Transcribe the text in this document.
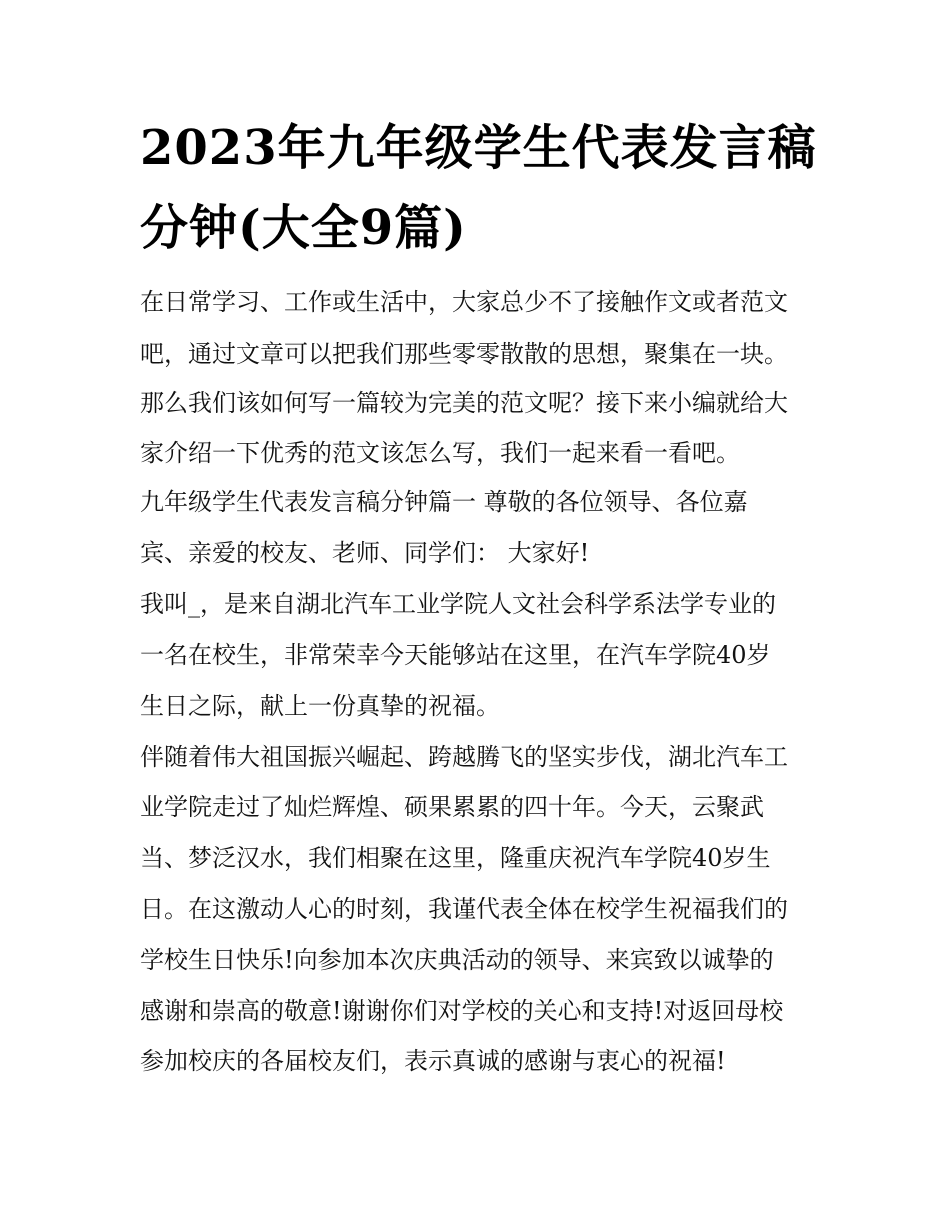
2023年九年级学生代表发言稿
分钟(大全9篇)

在日常学习、工作或生活中，大家总少不了接触作文或者范文

吧，通过文章可以把我们那些零零散散的思想，聚集在一块。

那么我们该如何写一篇较为完美的范文呢？接下来小编就给大

家介绍一下优秀的范文该怎么写，我们一起来看一看吧。

九年级学生代表发言稿分钟篇一 尊敬的各位领导、各位嘉

宾、亲爱的校友、老师、同学们： 大家好!

我叫_，是来自湖北汽车工业学院人文社会科学系法学专业的

一名在校生，非常荣幸今天能够站在这里，在汽车学院40岁

生日之际，献上一份真挚的祝福。

伴随着伟大祖国振兴崛起、跨越腾飞的坚实步伐，湖北汽车工

业学院走过了灿烂辉煌、硕果累累的四十年。今天，云聚武

当、梦泛汉水，我们相聚在这里，隆重庆祝汽车学院40岁生

日。在这激动人心的时刻，我谨代表全体在校学生祝福我们的

学校生日快乐!向参加本次庆典活动的领导、来宾致以诚挚的

感谢和崇高的敬意!谢谢你们对学校的关心和支持!对返回母校

参加校庆的各届校友们，表示真诚的感谢与衷心的祝福!
